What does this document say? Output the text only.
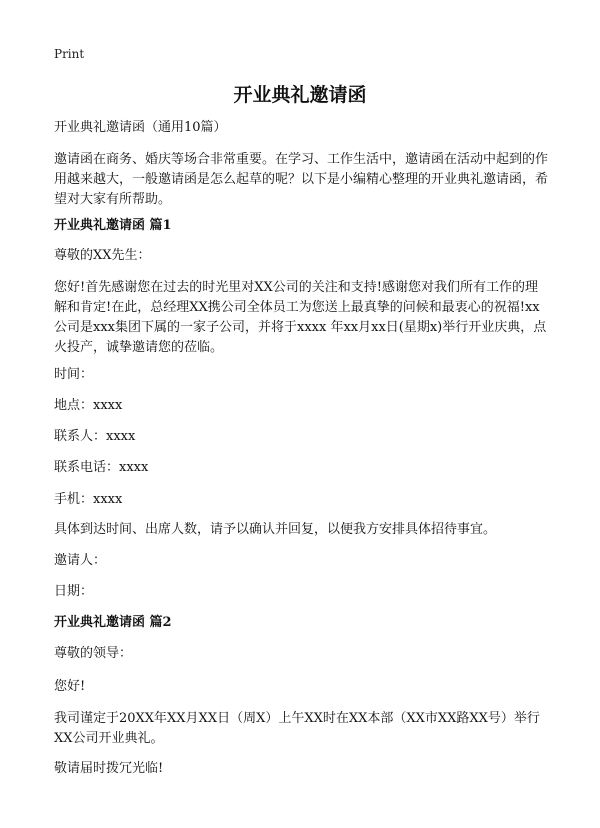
Print
开业典礼邀请函

开业典礼邀请函（通用10篇）

邀请函在商务、婚庆等场合非常重要。在学习、工作生活中，邀请函在活动中起到的作用越来越大，一般邀请函是怎么起草的呢？以下是小编精心整理的开业典礼邀请函，希望对大家有所帮助。

开业典礼邀请函 篇1

尊敬的XX先生：

您好!首先感谢您在过去的时光里对XX公司的关注和支持!感谢您对我们所有工作的理解和肯定!在此，总经理XX携公司全体员工为您送上最真挚的问候和最衷心的祝福!xx公司是xxx集团下属的一家子公司，并将于xxxx 年xx月xx日(星期x)举行开业庆典，点火投产，诚挚邀请您的莅临。

时间：

地点：xxxx

联系人：xxxx

联系电话：xxxx

手机：xxxx

具体到达时间、出席人数，请予以确认并回复，以便我方安排具体招待事宜。

邀请人：

日期：

开业典礼邀请函 篇2

尊敬的领导：

您好!

我司谨定于20XX年XX月XX日（周X）上午XX时在XX本部（XX市XX路XX号）举行XX公司开业典礼。

敬请届时拨冗光临!
